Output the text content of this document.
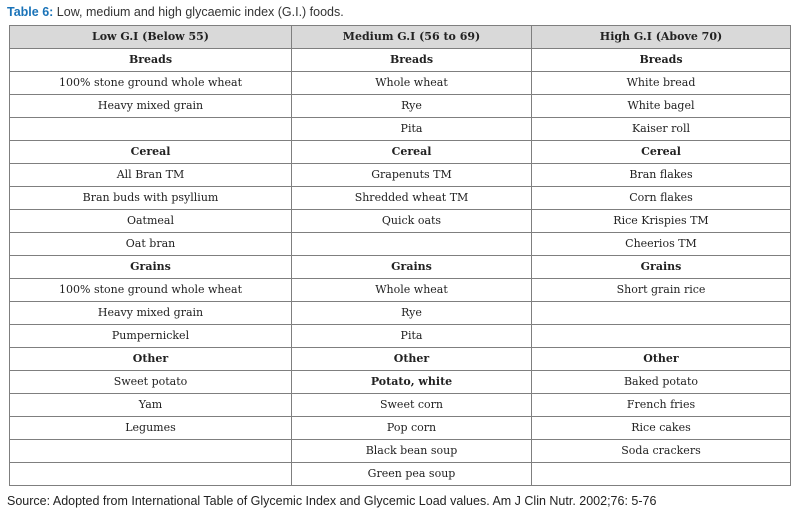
Table 6: Low, medium and high glycaemic index (G.I.) foods.
Low G.I (Below 55)	Medium G.I (56 to 69)	High G.I (Above 70)
Breads	Breads	Breads
100% stone ground whole wheat	Whole wheat	White bread
Heavy mixed grain	Rye	White bagel
	Pita	Kaiser roll
Cereal	Cereal	Cereal
All Bran TM	Grapenuts TM	Bran flakes
Bran buds with psyllium	Shredded wheat TM	Corn flakes
Oatmeal	Quick oats	Rice Krispies TM
Oat bran		Cheerios TM
Grains	Grains	Grains
100% stone ground whole wheat	Whole wheat	Short grain rice
Heavy mixed grain	Rye	
Pumpernickel	Pita	
Other	Other	Other
Sweet potato	Potato, white	Baked potato
Yam	Sweet corn	French fries
Legumes	Pop corn	Rice cakes
	Black bean soup	Soda crackers
	Green pea soup	
Source: Adopted from International Table of Glycemic Index and Glycemic Load values. Am J Clin Nutr. 2002;76: 5-76
